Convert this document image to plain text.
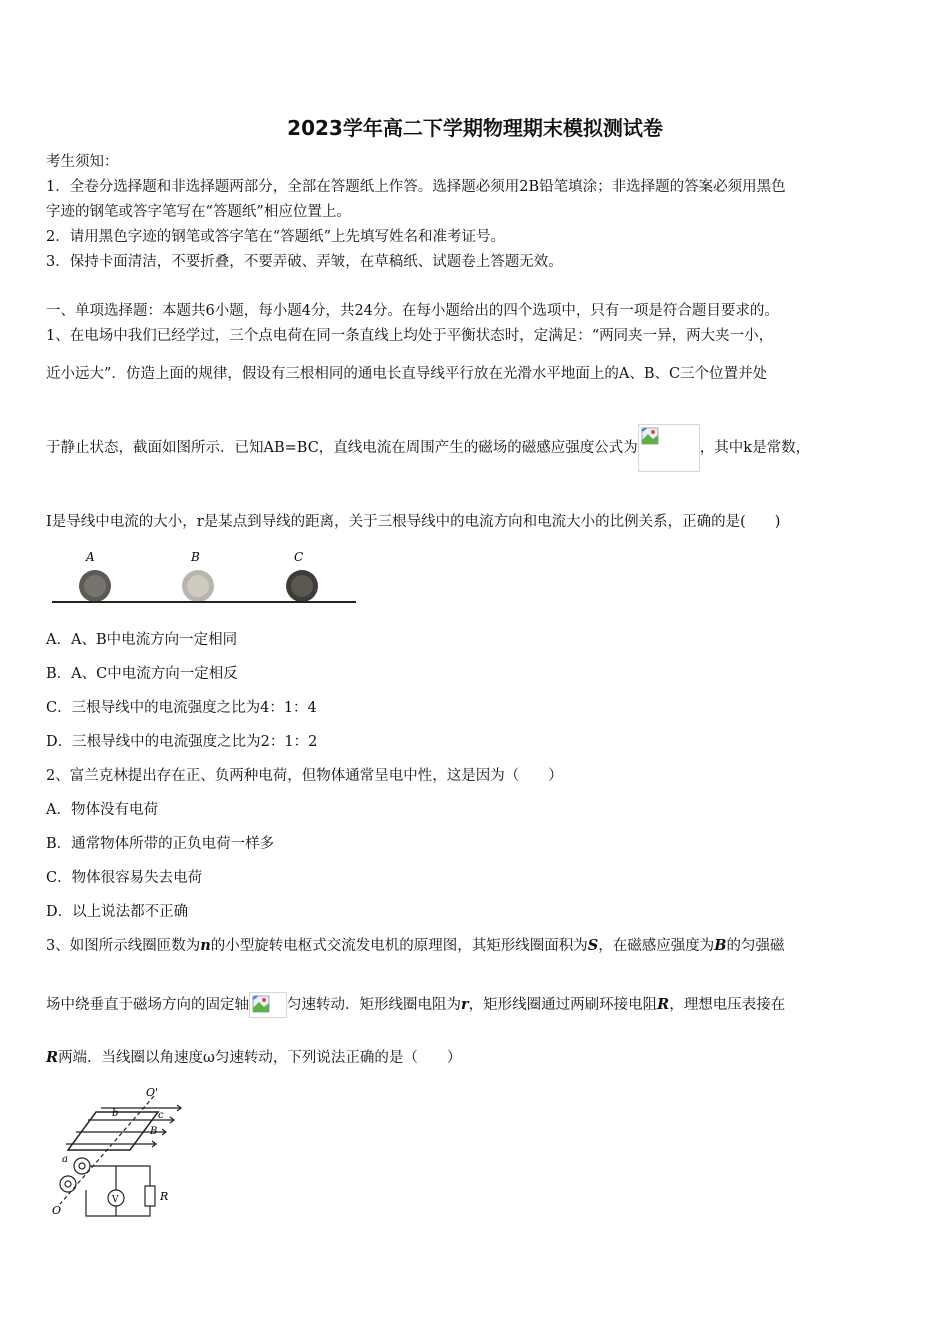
2023学年高二下学期物理期末模拟测试卷
考生须知：
1．全卷分选择题和非选择题两部分，全部在答题纸上作答。选择题必须用2B铅笔填涂；非选择题的答案必须用黑色
字迹的钢笔或答字笔写在“答题纸”相应位置上。
2．请用黑色字迹的钢笔或答字笔在“答题纸”上先填写姓名和准考证号。
3．保持卡面清洁，不要折叠，不要弄破、弄皱，在草稿纸、试题卷上答题无效。
一、单项选择题：本题共6小题，每小题4分，共24分。在每小题给出的四个选项中，只有一项是符合题目要求的。
1、在电场中我们已经学过，三个点电荷在同一条直线上均处于平衡状态时，定满足：“两同夹一异，两大夹一小，
近小远大”．仿造上面的规律，假设有三根相同的通电长直导线平行放在光滑水平地面上的A、B、C三个位置并处
于静止状态，截面如图所示．已知AB=BC，直线电流在周围产生的磁场的磁感应强度公式为	，其中k是常数，
I是导线中电流的大小，r是某点到导线的距离，关于三根导线中的电流方向和电流大小的比例关系，正确的是(　　)
A	B	C
A．A、B中电流方向一定相同
B．A、C中电流方向一定相反
C．三根导线中的电流强度之比为4：1：4
D．三根导线中的电流强度之比为2：1：2
2、富兰克林提出存在正、负两种电荷，但物体通常呈电中性，这是因为（　　）
A．物体没有电荷
B．通常物体所带的正负电荷一样多
C．物体很容易失去电荷
D．以上说法都不正确
3、如图所示线圈匝数为n的小型旋转电枢式交流发电机的原理图，其矩形线圈面积为S，在磁感应强度为B的匀强磁
场中绕垂直于磁场方向的固定轴	匀速转动．矩形线圈电阻为r，矩形线圈通过两刷环接电阻R，理想电压表接在
R两端．当线圈以角速度ω匀速转动，下列说法正确的是（　　）
O'
O
a
b	c
B
V	R
